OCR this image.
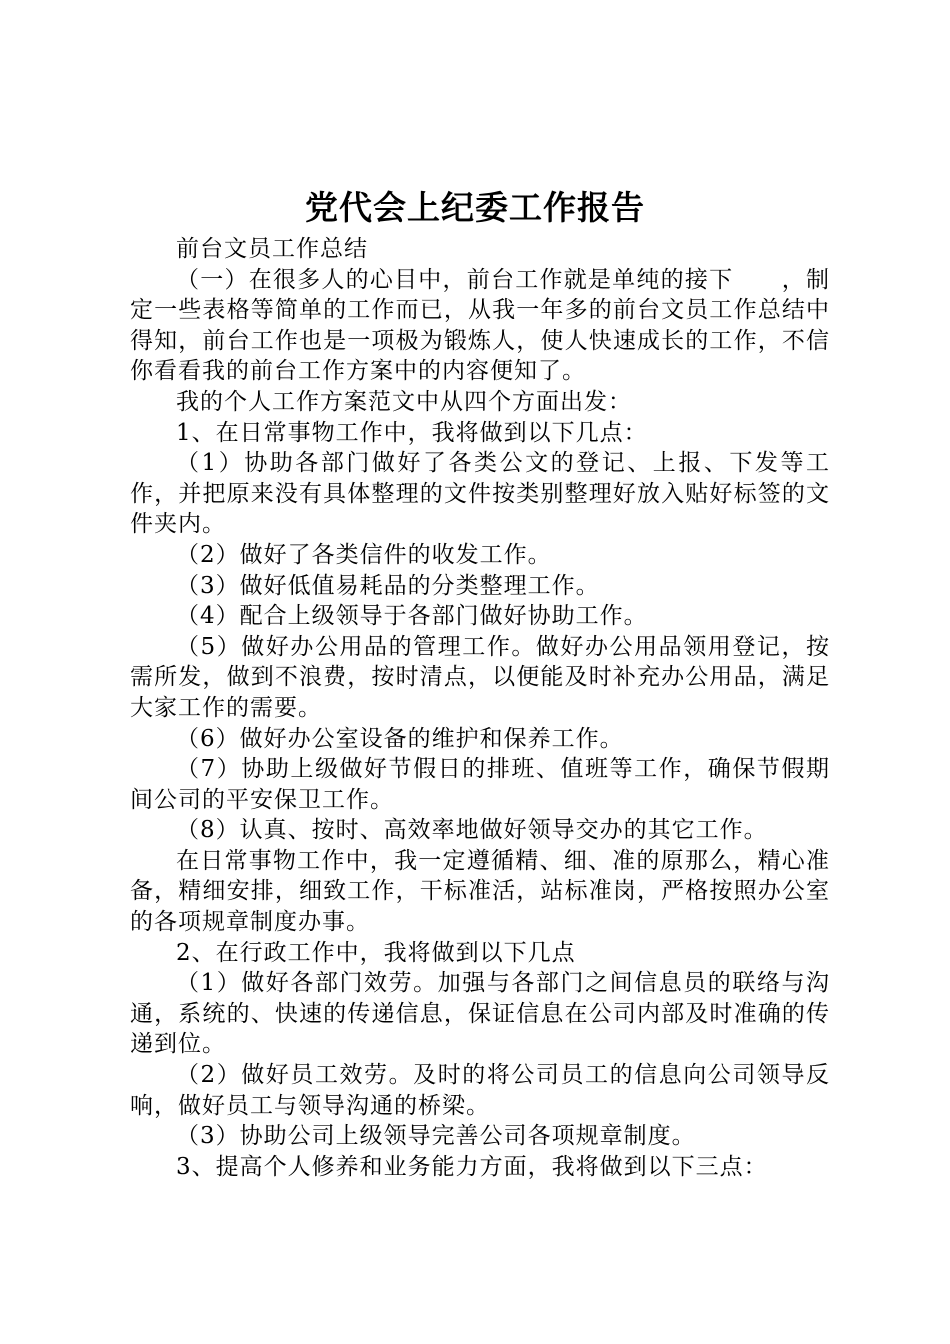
党代会上纪委工作报告

前台文员工作总结

（一）在很多人的心目中，前台工作就是单纯的接下　　，制定一些表格等简单的工作而已，从我一年多的前台文员工作总结中得知，前台工作也是一项极为锻炼人，使人快速成长的工作，不信你看看我的前台工作方案中的内容便知了。

我的个人工作方案范文中从四个方面出发：

1、在日常事物工作中，我将做到以下几点：

（1）协助各部门做好了各类公文的登记、上报、下发等工作，并把原来没有具体整理的文件按类别整理好放入贴好标签的文件夹内。

（2）做好了各类信件的收发工作。

（3）做好低值易耗品的分类整理工作。

（4）配合上级领导于各部门做好协助工作。

（5）做好办公用品的管理工作。做好办公用品领用登记，按需所发，做到不浪费，按时清点，以便能及时补充办公用品，满足大家工作的需要。

（6）做好办公室设备的维护和保养工作。

（7）协助上级做好节假日的排班、值班等工作，确保节假期间公司的平安保卫工作。

（8）认真、按时、高效率地做好领导交办的其它工作。

在日常事物工作中，我一定遵循精、细、准的原那么，精心准备，精细安排，细致工作，干标准活，站标准岗，严格按照办公室的各项规章制度办事。

2、在行政工作中，我将做到以下几点

（1）做好各部门效劳。加强与各部门之间信息员的联络与沟通，系统的、快速的传递信息，保证信息在公司内部及时准确的传递到位。

（2）做好员工效劳。及时的将公司员工的信息向公司领导反响，做好员工与领导沟通的桥梁。

（3）协助公司上级领导完善公司各项规章制度。

3、提高个人修养和业务能力方面，我将做到以下三点：
